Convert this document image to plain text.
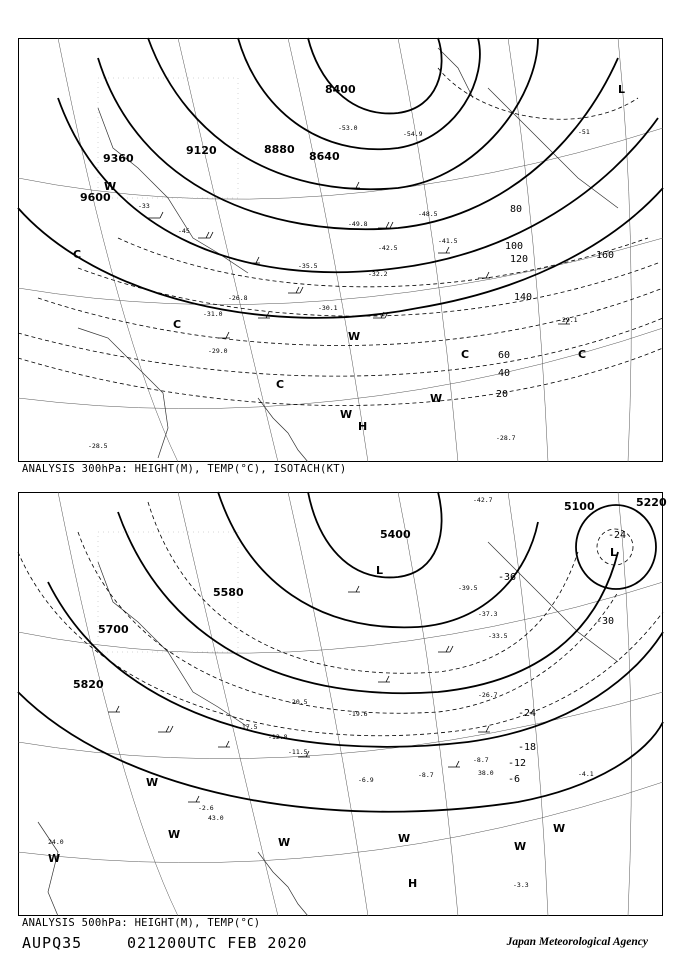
9600
9360
9120	8880
8640
8400
160
140
120
100
80
60
40
20
L
H
C
C
C
C	C
W
W
W
W
-29.0
-28.5
-28.7
-29.1
-30.1
-31.0
-26.8
-51
-53.0
-54.9
-49.8
-48.5
-45
-41.5
-42.5
-32.2
-35.5
-33
ANALYSIS 300hPa: HEIGHT(M), TEMP(°C), ISOTACH(KT)
5820
5700
5580
5400
5100	5220
-24
-30
-36
-24
-18
-12
-6
L
L
H
W
W
W	W
W
W
W
-42.7
-39.5
-37.3
-33.5
-26.7
-20.5
-19.6
-17.5
-12.8
-8.7
-6.9
-4.1
-3.3
-2.6
-8.7
-11.5
24.0
38.0
43.0
ANALYSIS 500hPa: HEIGHT(M), TEMP(°C)
AUPQ35	021200UTC FEB 2020	Japan Meteorological Agency
